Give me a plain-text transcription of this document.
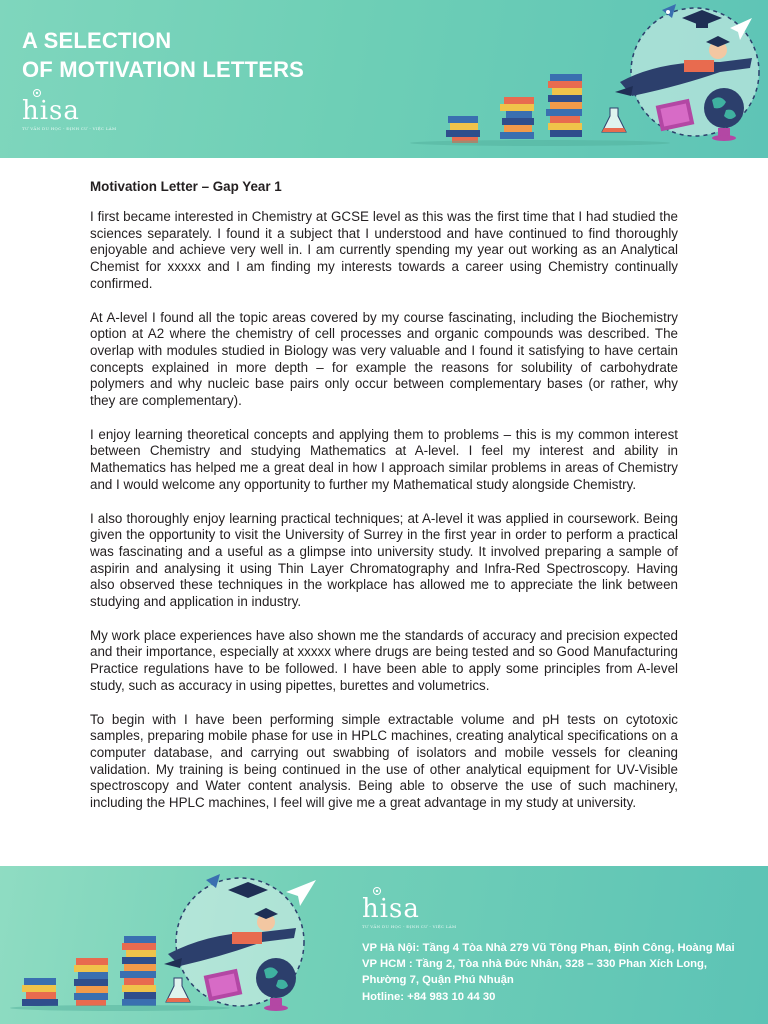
A SELECTION
OF MOTIVATION LETTERS
hisa
TƯ VẤN DU HỌC - ĐỊNH CƯ - VIỆC LÀM
Motivation Letter – Gap Year 1

I first became interested in Chemistry at GCSE level as this was the first time that I had studied the sciences separately. I found it a subject that I understood and have continued to find thoroughly enjoyable and achieve very well in. I am currently spending my year out working as an Analytical Chemist for xxxxx and I am finding my interests towards a career using Chemistry continually confirmed.

At A-level I found all the topic areas covered by my course fascinating, including the Biochemistry option at A2 where the chemistry of cell processes and organic compounds was described. The overlap with modules studied in Biology was very valuable and I found it satisfying to have certain concepts explained in more depth – for example the reasons for solubility of carbohydrate polymers and why nucleic base pairs only occur between complementary bases (or rather, why they are complementary).

I enjoy learning theoretical concepts and applying them to problems – this is my common interest between Chemistry and studying Mathematics at A-level. I feel my interest and ability in Mathematics has helped me a great deal in how I approach similar problems in areas of Chemistry and I would welcome any opportunity to further my Mathematical study alongside Chemistry.

I also thoroughly enjoy learning practical techniques; at A-level it was applied in coursework. Being given the opportunity to visit the University of Surrey in the first year in order to perform a practical was fascinating and a useful as a glimpse into university study. It involved preparing a sample of aspirin and analysing it using Thin Layer Chromatography and Infra-Red Spectroscopy. Having also observed these techniques in the workplace has allowed me to appreciate the link between studying and application in industry.

My work place experiences have also shown me the standards of accuracy and precision expected and their importance, especially at xxxxx where drugs are being tested and so Good Manufacturing Practice regulations have to be followed. I have been able to apply some principles from A-level study, such as accuracy in using pipettes, burettes and volumetrics.

To begin with I have been performing simple extractable volume and pH tests on cytotoxic samples, preparing mobile phase for use in HPLC machines, creating analytical specifications on a computer database, and carrying out swabbing of isolators and mobile vessels for cleaning validation. My training is being continued in the use of other analytical equipment for UV-Visible spectroscopy and Water content analysis. Being able to observe the use of such machinery, including the HPLC machines, I feel will give me a great advantage in my study at university.

hisa
TƯ VẤN DU HỌC - ĐỊNH CƯ - VIỆC LÀM
VP Hà Nội: Tầng 4 Tòa Nhà 279 Vũ Tông Phan, Định Công, Hoàng Mai
VP HCM : Tầng 2, Tòa nhà Đức Nhân, 328 – 330 Phan Xích Long,
Phường 7, Quận Phú Nhuận
Hotline: +84 983 10 44 30
